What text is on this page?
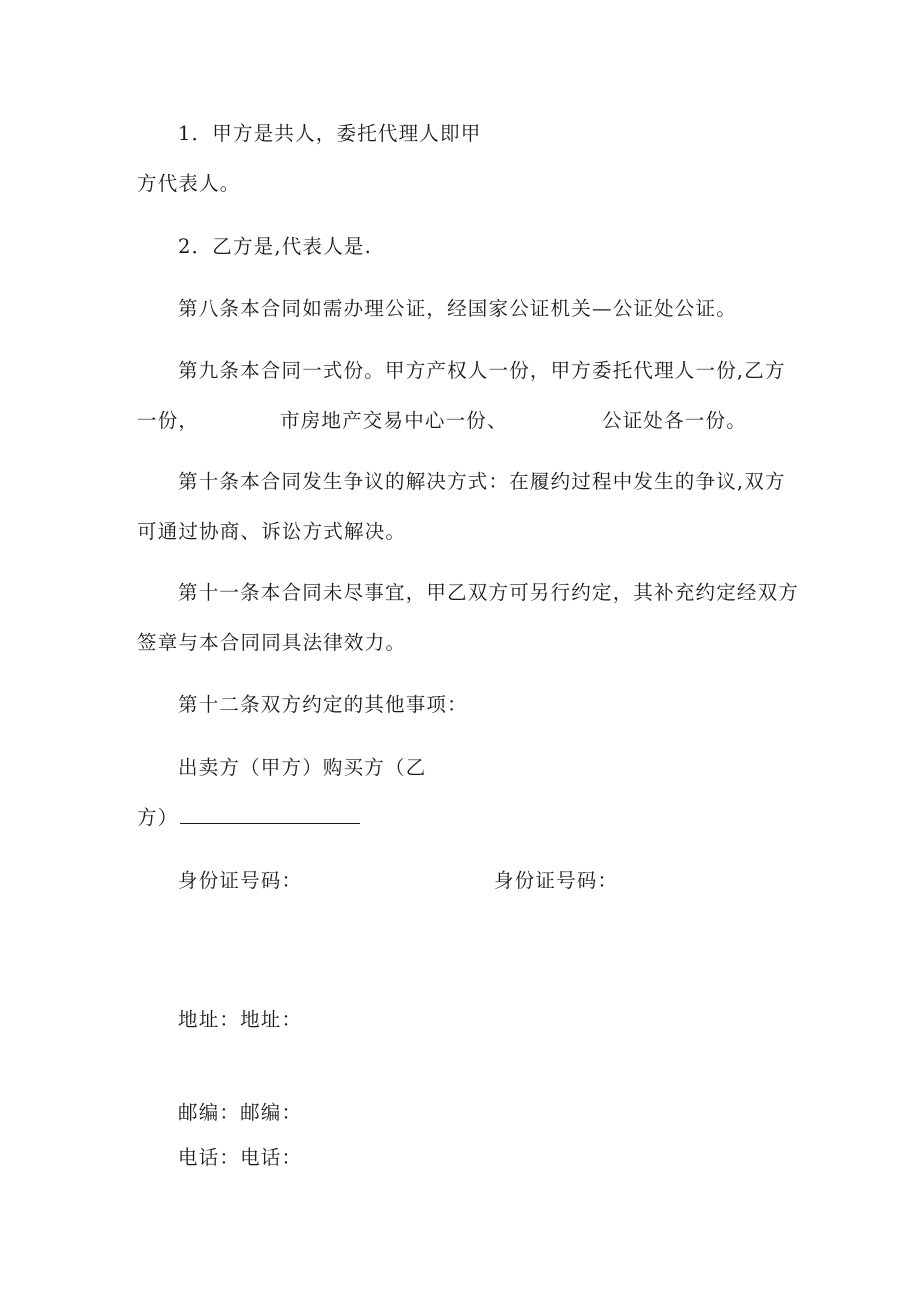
1．甲方是共人，委托代理人即甲
方代表人。
2．乙方是,代表人是.
第八条本合同如需办理公证，经国家公证机关—公证处公证。
第九条本合同一式份。甲方产权人一份，甲方委托代理人一份,乙方
一份，	市房地产交易中心一份、	公证处各一份。
第十条本合同发生争议的解决方式：在履约过程中发生的争议,双方
可通过协商、诉讼方式解决。
第十一条本合同未尽事宜，甲乙双方可另行约定，其补充约定经双方
签章与本合同同具法律效力。
第十二条双方约定的其他事项：
出卖方（甲方）购买方（乙
方）
身份证号码：	身份证号码：
地址：地址：
邮编：邮编：
电话：电话：
